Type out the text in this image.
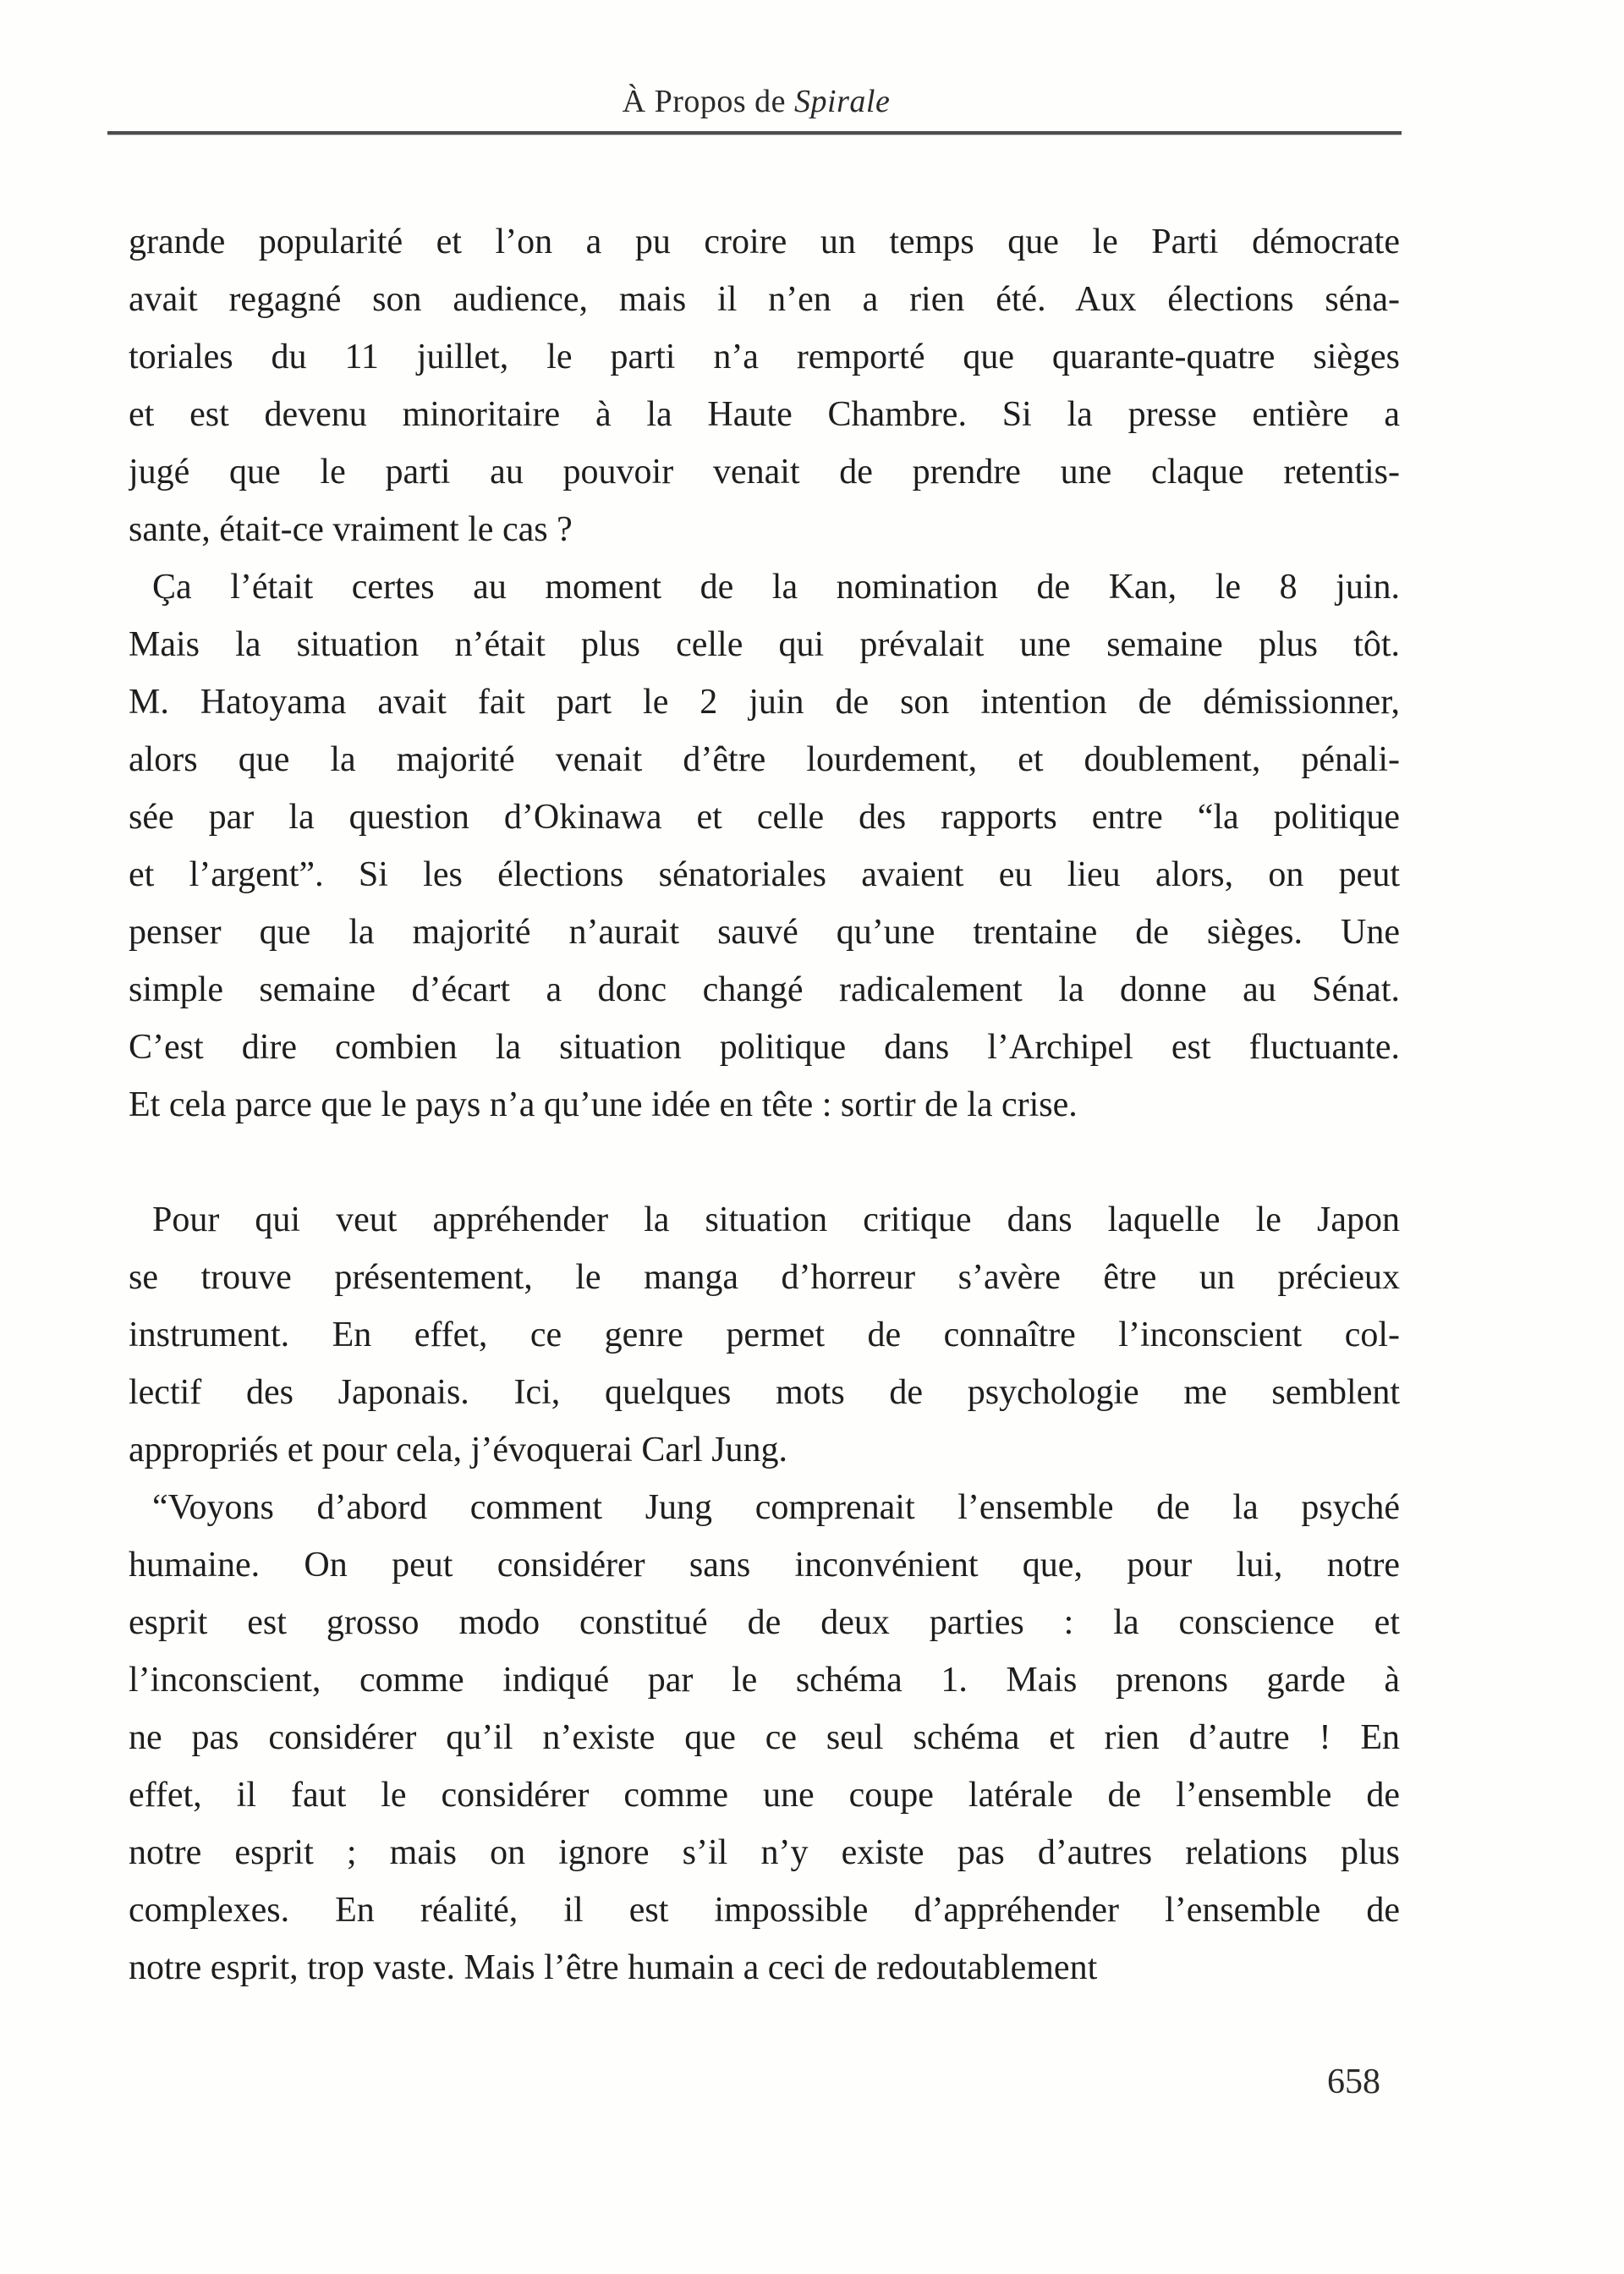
À Propos de Spirale
grande popularité et l’on a pu croire un temps que le Parti démocrate
avait regagné son audience, mais il n’en a rien été. Aux élections séna-
toriales du 11 juillet, le parti n’a remporté que quarante-quatre sièges
et est devenu minoritaire à la Haute Chambre. Si la presse entière a
jugé que le parti au pouvoir venait de prendre une claque retentis-
sante, était-ce vraiment le cas ?
Ça l’était certes au moment de la nomination de Kan, le 8 juin.
Mais la situation n’était plus celle qui prévalait une semaine plus tôt.
M. Hatoyama avait fait part le 2 juin de son intention de démissionner,
alors que la majorité venait d’être lourdement, et doublement, pénali-
sée par la question d’Okinawa et celle des rapports entre “la politique
et l’argent”. Si les élections sénatoriales avaient eu lieu alors, on peut
penser que la majorité n’aurait sauvé qu’une trentaine de sièges. Une
simple semaine d’écart a donc changé radicalement la donne au Sénat.
C’est dire combien la situation politique dans l’Archipel est fluctuante.
Et cela parce que le pays n’a qu’une idée en tête : sortir de la crise.
Pour qui veut appréhender la situation critique dans laquelle le Japon
se trouve présentement, le manga d’horreur s’avère être un précieux
instrument. En effet, ce genre permet de connaître l’inconscient col-
lectif des Japonais. Ici, quelques mots de psychologie me semblent
appropriés et pour cela, j’évoquerai Carl Jung.
“Voyons d’abord comment Jung comprenait l’ensemble de la psyché
humaine. On peut considérer sans inconvénient que, pour lui, notre
esprit est grosso modo constitué de deux parties : la conscience et
l’inconscient, comme indiqué par le schéma 1. Mais prenons garde à
ne pas considérer qu’il n’existe que ce seul schéma et rien d’autre ! En
effet, il faut le considérer comme une coupe latérale de l’ensemble de
notre esprit ; mais on ignore s’il n’y existe pas d’autres relations plus
complexes. En réalité, il est impossible d’appréhender l’ensemble de
notre esprit, trop vaste. Mais l’être humain a ceci de redoutablement
658
